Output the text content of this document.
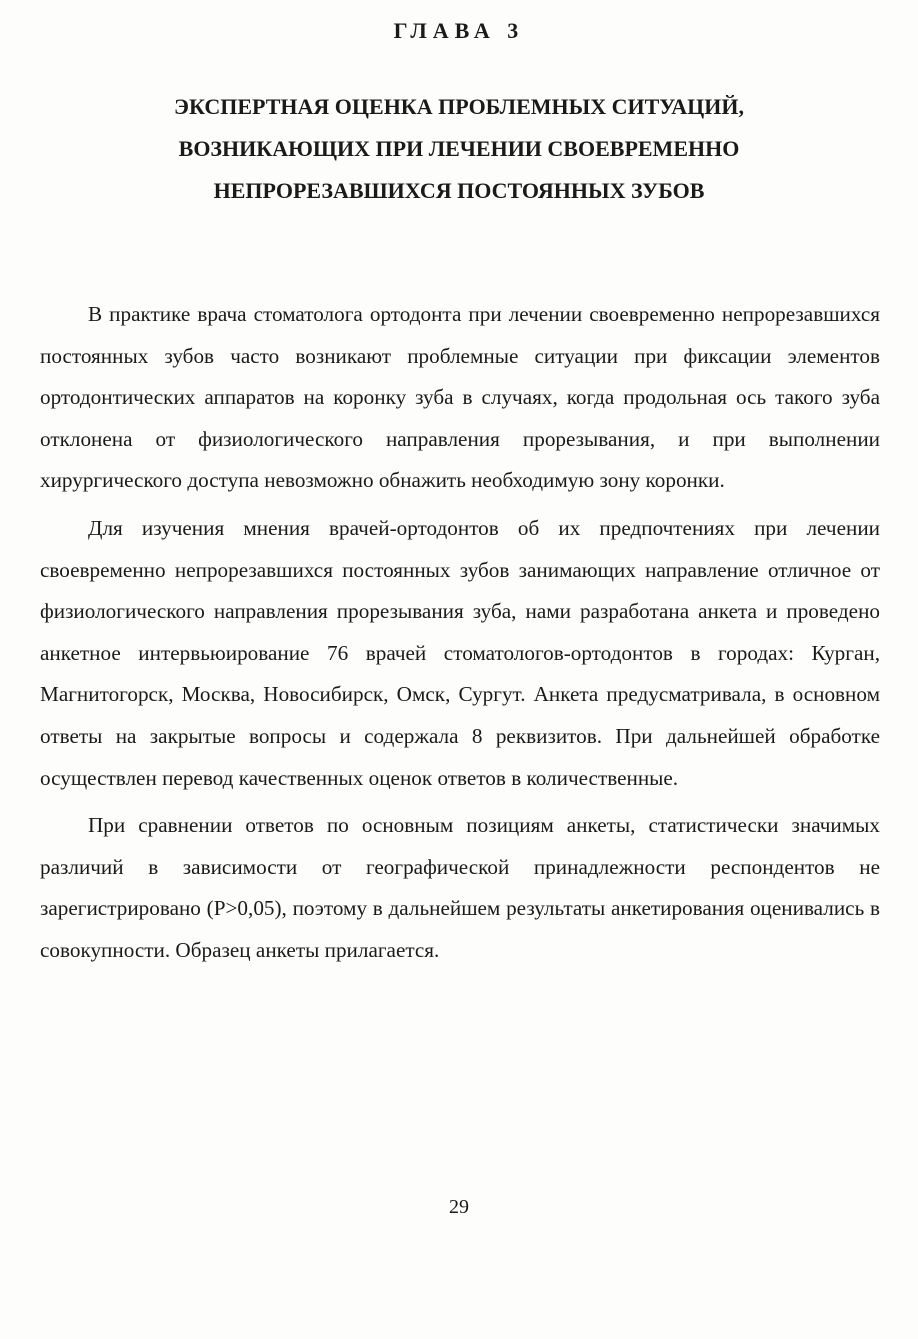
ГЛАВА 3
ЭКСПЕРТНАЯ ОЦЕНКА ПРОБЛЕМНЫХ СИТУАЦИЙ,
ВОЗНИКАЮЩИХ ПРИ ЛЕЧЕНИИ СВОЕВРЕМЕННО
НЕПРОРЕЗАВШИХСЯ ПОСТОЯННЫХ ЗУБОВ

В практике врача стоматолога ортодонта при лечении своевременно непрорезавшихся постоянных зубов часто возникают проблемные ситуации при фиксации элементов ортодонтических аппаратов на коронку зуба в случаях, когда продольная ось такого зуба отклонена от физиологического направления прорезывания, и при выполнении хирургического доступа невозможно обнажить необходимую зону коронки.

Для изучения мнения врачей-ортодонтов об их предпочтениях при лечении своевременно непрорезавшихся постоянных зубов занимающих направление отличное от физиологического направления прорезывания зуба, нами разработана анкета и проведено анкетное интервьюирование 76 врачей стоматологов-ортодонтов в городах: Курган, Магнитогорск, Москва, Новосибирск, Омск, Сургут. Анкета предусматривала, в основном ответы на закрытые вопросы и содержала 8 реквизитов. При дальнейшей обработке осуществлен перевод качественных оценок ответов в количественные.

При сравнении ответов по основным позициям анкеты, статистически значимых различий в зависимости от географической принадлежности респондентов не зарегистрировано (Р>0,05), поэтому в дальнейшем результаты анкетирования оценивались в совокупности. Образец анкеты прилагается.

29
